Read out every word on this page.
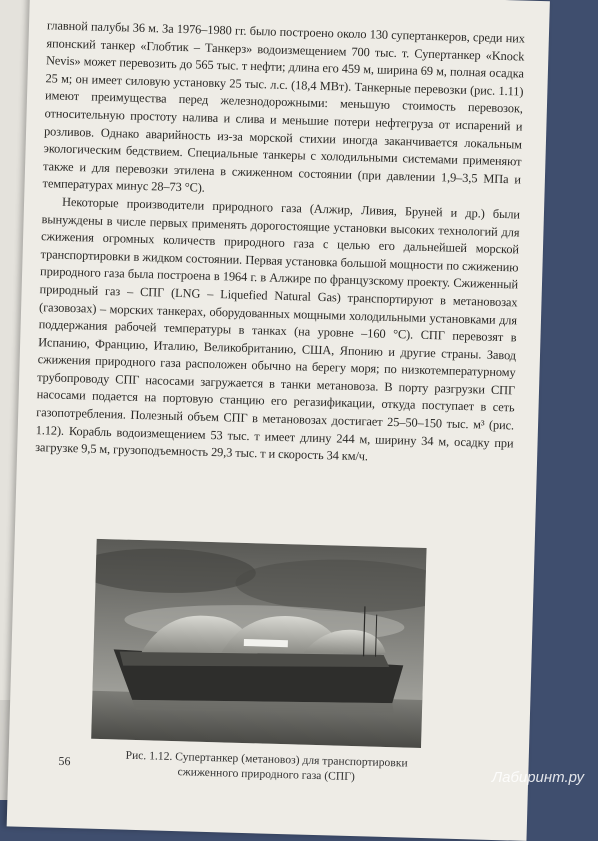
главной палубы 36 м. За 1976–1980 гг. было построено около 130 супертанкеров, среди них японский танкер «Глобтик – Танкерз» водоизмещением 700 тыс. т. Супертанкер «Knock Nevis» может перевозить до 565 тыс. т нефти; длина его 459 м, ширина 69 м, полная осадка 25 м; он имеет силовую установку 25 тыс. л.с. (18,4 МВт). Танкерные перевозки (рис. 1.11) имеют преимущества перед железнодорожными: меньшую стоимость перевозок, относительную простоту налива и слива и меньшие потери нефтегруза от испарений и розливов. Однако аварийность из-за морской стихии иногда заканчивается локальным экологическим бедствием. Специальные танкеры с холодильными системами применяют также и для перевозки этилена в сжиженном состоянии (при давлении 1,9–3,5 МПа и температурах минус 28–73 °С).

Некоторые производители природного газа (Алжир, Ливия, Бруней и др.) были вынуждены в числе первых применять дорогостоящие установки высоких технологий для сжижения огромных количеств природного газа с целью его дальнейшей морской транспортировки в жидком состоянии. Первая установка большой мощности по сжижению природного газа была построена в 1964 г. в Алжире по французскому проекту. Сжиженный природный газ – СПГ (LNG – Liquefied Natural Gas) транспортируют в метановозах (газовозах) – морских танкерах, оборудованных мощными холодильными установками для поддержания рабочей температуры в танках (на уровне –160 °С). СПГ перевозят в Испанию, Францию, Италию, Великобританию, США, Японию и другие страны. Завод сжижения природного газа расположен обычно на берегу моря; по низкотемпературному трубопроводу СПГ насосами загружается в танки метановоза. В порту разгрузки СПГ насосами подается на портовую станцию его регазификации, откуда поступает в сеть газопотребления. Полезный объем СПГ в метановозах достигает 25–50–150 тыс. м³ (рис. 1.12). Корабль водоизмещением 53 тыс. т имеет длину 244 м, ширину 34 м, осадку при загрузке 9,5 м, грузоподъемность 29,3 тыс. т и скорость 34 км/ч.

Рис. 1.12. Супертанкер (метановоз) для транспортировки сжиженного природного газа (СПГ)
56
Лабиринт.ру
